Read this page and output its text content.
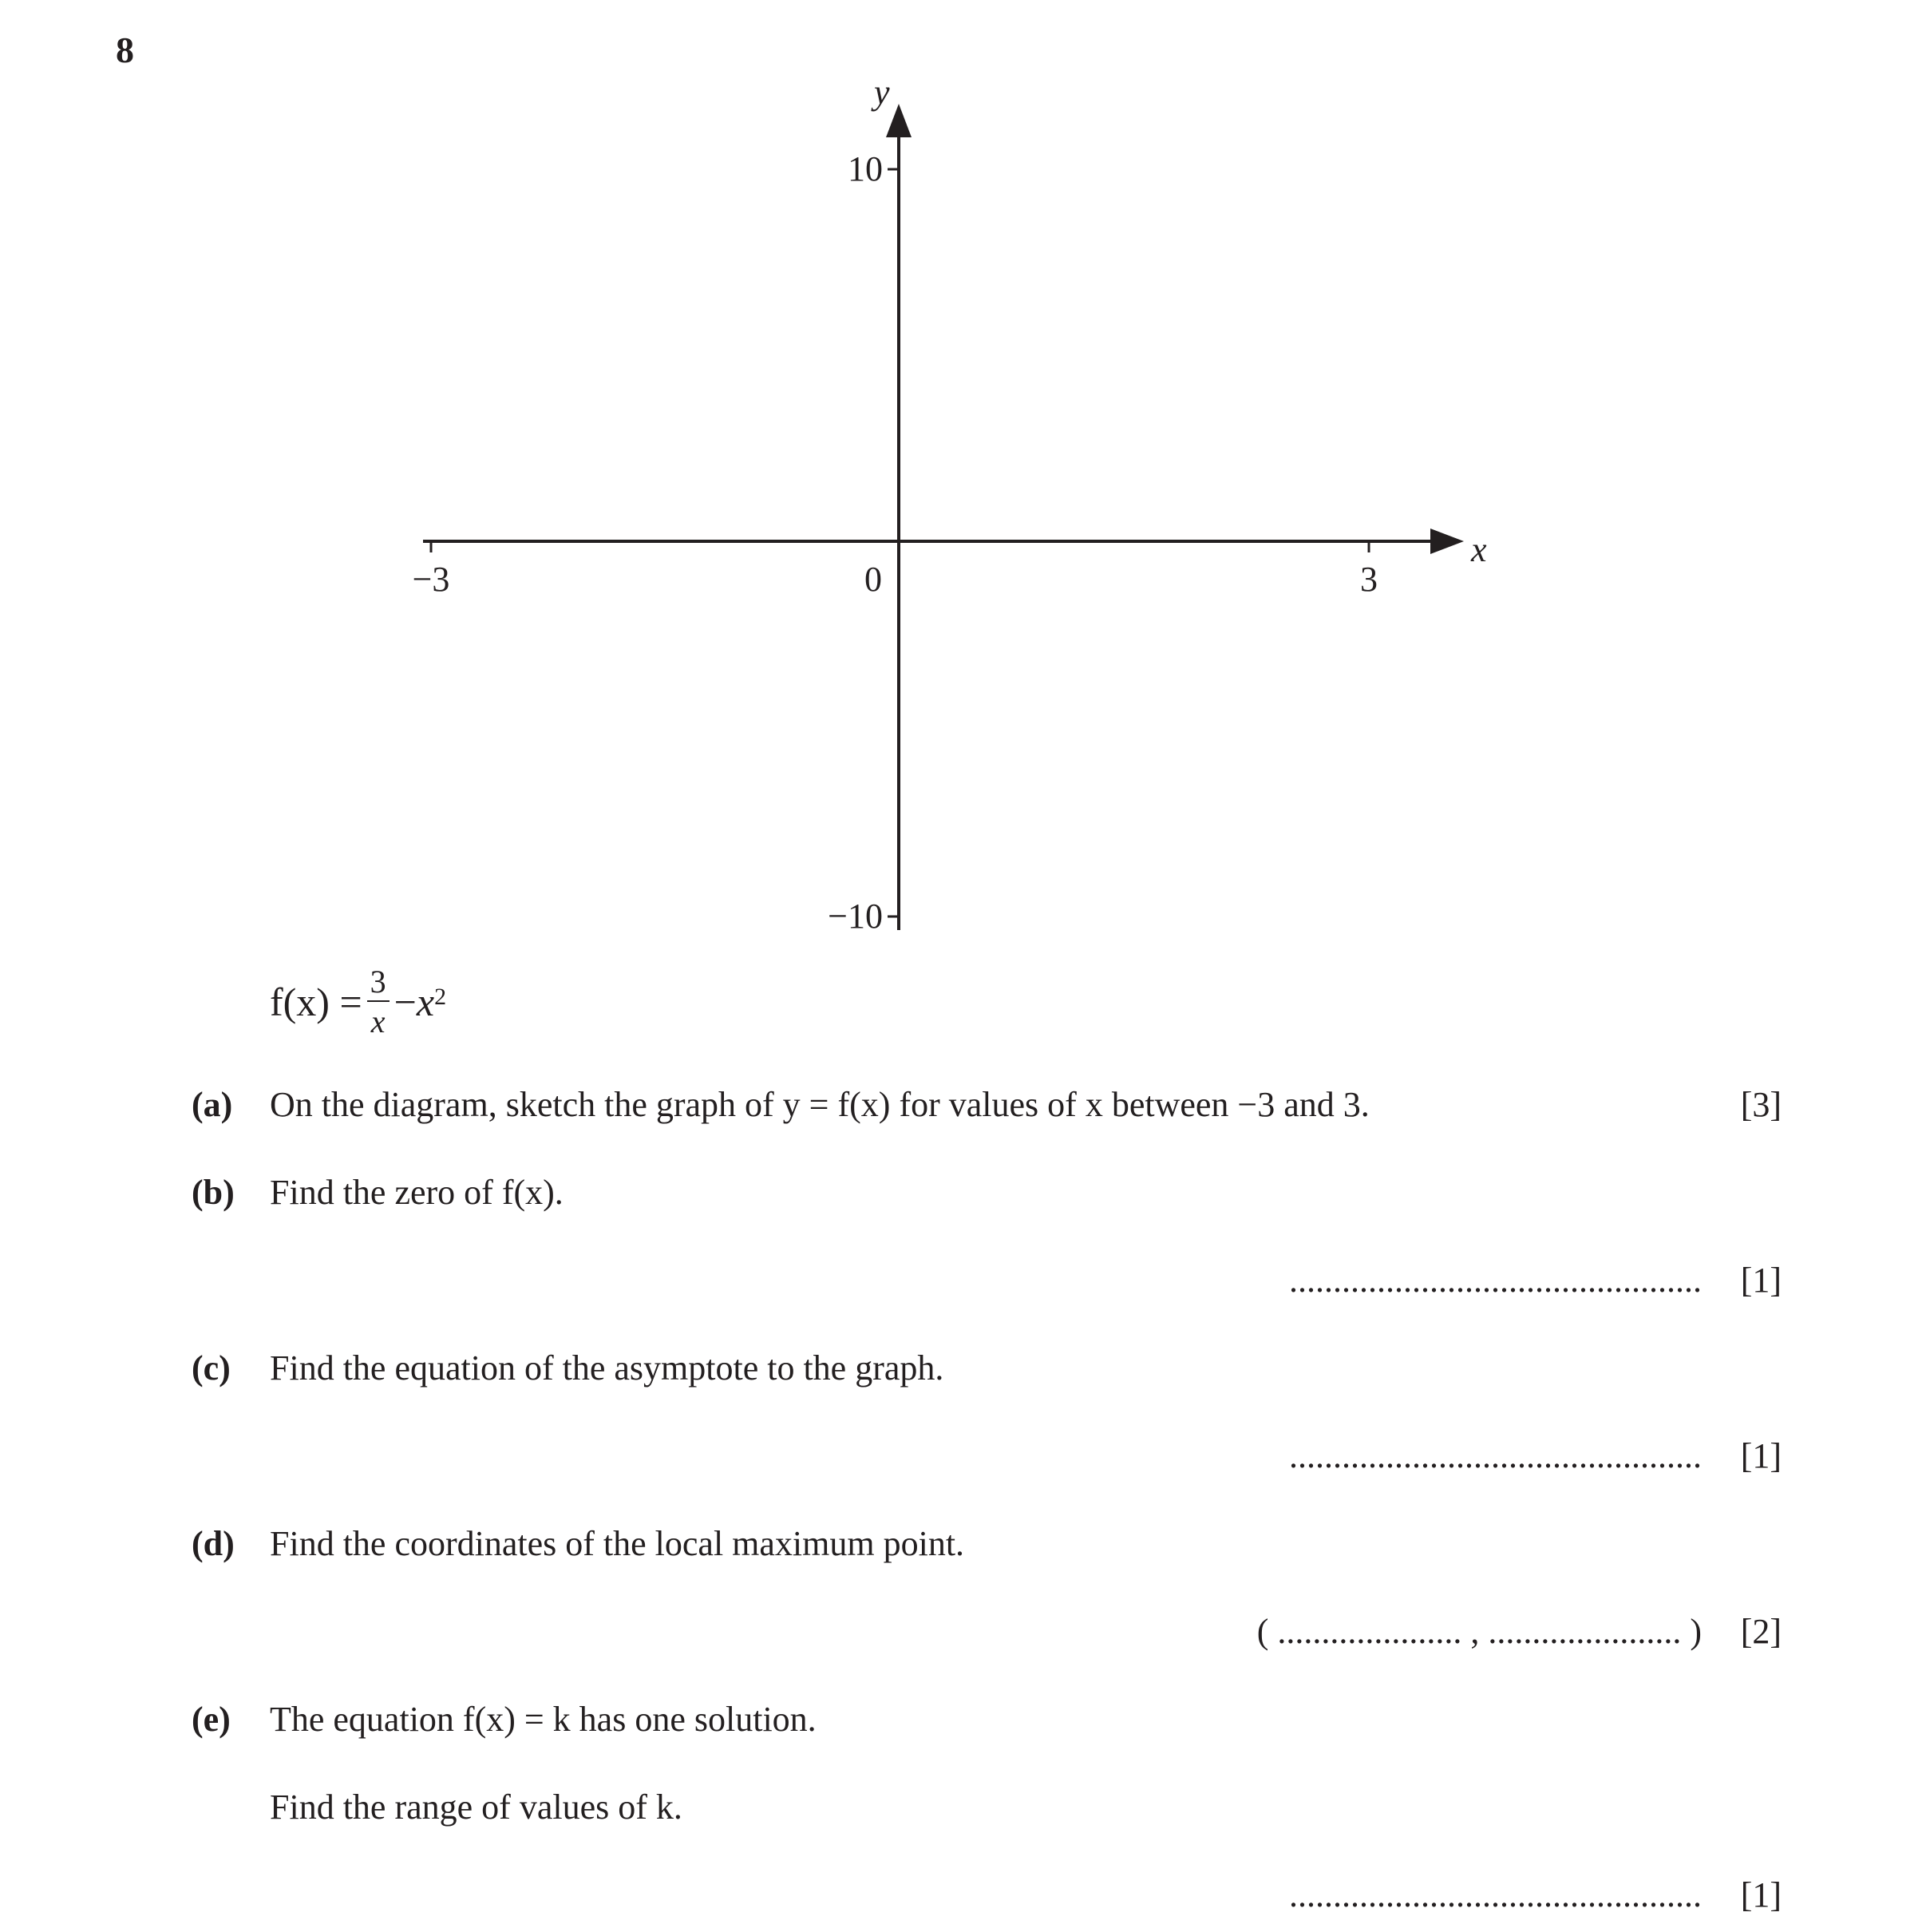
8
y
x
10
−10
−3	3
0
$f(x) = \frac{3}{x} - x^2$
(a) On the diagram, sketch the graph of y = f(x) for values of x between −3 and 3.	[3]
(b) Find the zero of f(x).
............................................... [1]
(c) Find the equation of the asymptote to the graph.
............................................... [1]
(d) Find the coordinates of the local maximum point.
( ..................... , ...................... ) [2]
(e) The equation f(x) = k has one solution.
Find the range of values of k.
............................................... [1]
